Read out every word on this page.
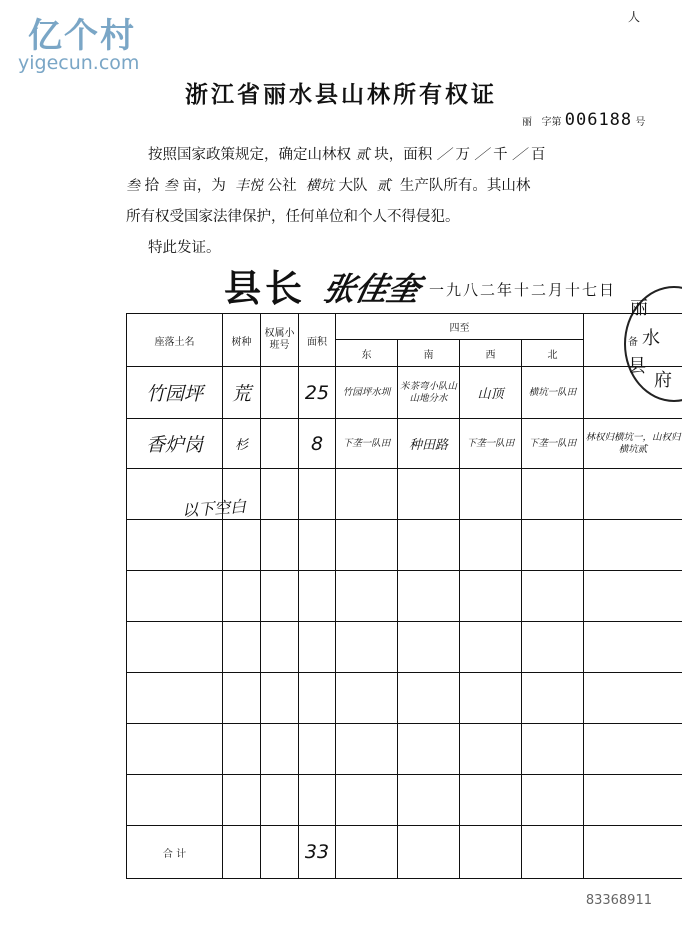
亿个村
yigecun.com
人
浙江省丽水县山林所有权证
丽 字第 006188 号

按照国家政策规定，确定山林权 贰 块，面积 ／ 万 ／ 千 ／ 百

叁 拾 叁 亩，为 丰悦 公社 横坑 大队 贰 生产队所有。其山林

所有权受国家法律保护，任何单位和个人不得侵犯。

特此发证。

县长 张佳奎 一九八二年十二月十七日
丽
水
县
府
座落土名	树种	权属小班号	面积	四至				备
				东	南	西	北	
竹园坪	荒		25	竹园坪水圳	米茶弯小队山山地分水	山顶	横坑一队田	
香炉岗	杉		8	下垄一队田	种田路	下垄一队田	下垄一队田	林权归横坑一，山权归横坑贰

合 计			33					
以下空白
83368911
